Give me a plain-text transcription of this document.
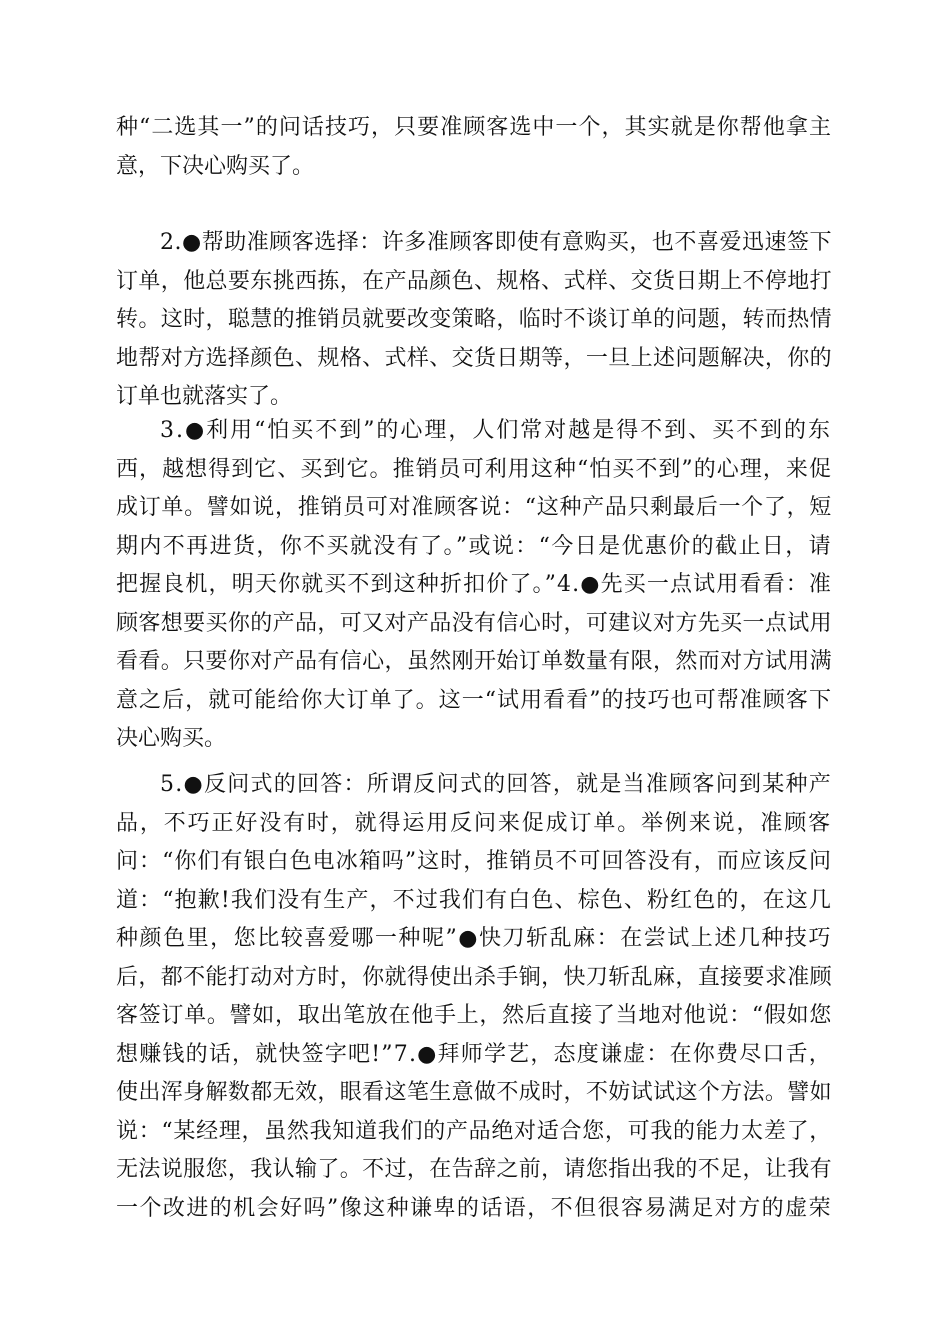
种“二选其一”的问话技巧，只要准顾客选中一个，其实就是你帮他拿主
意，下决心购买了。
2.●帮助准顾客选择：许多准顾客即使有意购买，也不喜爱迅速签下
订单，他总要东挑西拣，在产品颜色、规格、式样、交货日期上不停地打
转。这时，聪慧的推销员就要改变策略，临时不谈订单的问题，转而热情
地帮对方选择颜色、规格、式样、交货日期等，一旦上述问题解决，你的
订单也就落实了。
3.●利用“怕买不到”的心理，人们常对越是得不到、买不到的东
西，越想得到它、买到它。推销员可利用这种“怕买不到”的心理，来促
成订单。譬如说，推销员可对准顾客说：“这种产品只剩最后一个了，短
期内不再进货，你不买就没有了。”或说：“今日是优惠价的截止日，请
把握良机，明天你就买不到这种折扣价了。”4.●先买一点试用看看：准
顾客想要买你的产品，可又对产品没有信心时，可建议对方先买一点试用
看看。只要你对产品有信心，虽然刚开始订单数量有限，然而对方试用满
意之后，就可能给你大订单了。这一“试用看看”的技巧也可帮准顾客下
决心购买。
5.●反问式的回答：所谓反问式的回答，就是当准顾客问到某种产
品，不巧正好没有时，就得运用反问来促成订单。举例来说，准顾客
问：“你们有银白色电冰箱吗”这时，推销员不可回答没有，而应该反问
道：“抱歉!我们没有生产，不过我们有白色、棕色、粉红色的，在这几
种颜色里，您比较喜爱哪一种呢”●快刀斩乱麻：在尝试上述几种技巧
后，都不能打动对方时，你就得使出杀手锏，快刀斩乱麻，直接要求准顾
客签订单。譬如，取出笔放在他手上，然后直接了当地对他说：“假如您
想赚钱的话，就快签字吧!”7.●拜师学艺，态度谦虚：在你费尽口舌，
使出浑身解数都无效，眼看这笔生意做不成时，不妨试试这个方法。譬如
说：“某经理，虽然我知道我们的产品绝对适合您，可我的能力太差了，
无法说服您，我认输了。不过，在告辞之前，请您指出我的不足，让我有
一个改进的机会好吗”像这种谦卑的话语，不但很容易满足对方的虚荣
